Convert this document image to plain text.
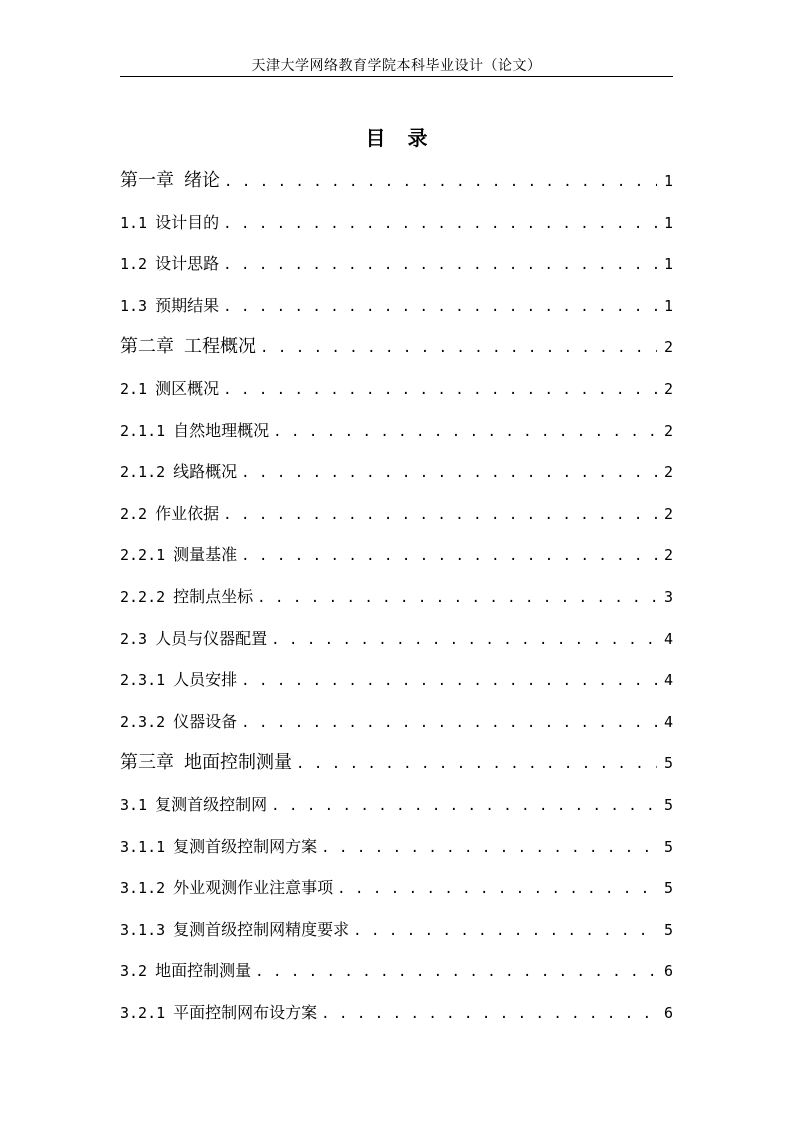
天津大学网络教育学院本科毕业设计（论文）
目录
第一章 绪论 . . .	1
1.1 设计目的 . . .	1
1.2 设计思路 . . .	1
1.3 预期结果 . . .	1
第二章 工程概况 . . .	2
2.1 测区概况 . . .	2
2.1.1 自然地理概况 . . .	2
2.1.2 线路概况 . . .	2
2.2 作业依据 . . .	2
2.2.1 测量基准 . . .	2
2.2.2 控制点坐标 . . .	3
2.3 人员与仪器配置 . . .	4
2.3.1 人员安排 . . .	4
2.3.2 仪器设备 . . .	4
第三章 地面控制测量 . . .	5
3.1 复测首级控制网 . . .	5
3.1.1 复测首级控制网方案 . . .	5
3.1.2 外业观测作业注意事项 . . .	5
3.1.3 复测首级控制网精度要求 . . .	5
3.2 地面控制测量 . . .	6
3.2.1 平面控制网布设方案 . . .	6
